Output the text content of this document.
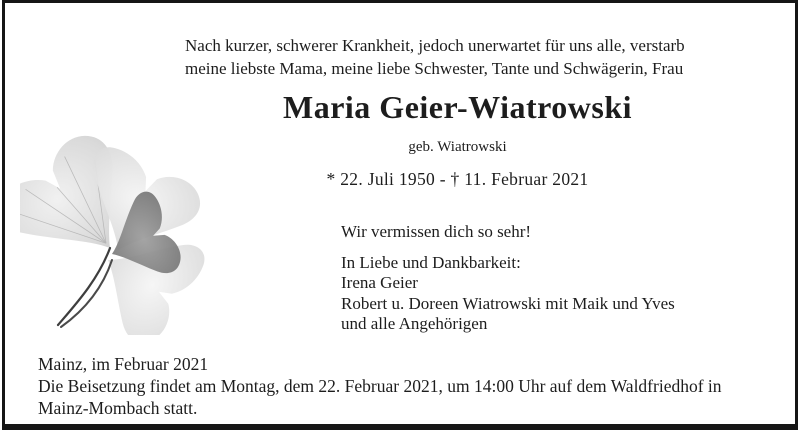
Nach kurzer, schwerer Krankheit, jedoch unerwartet für uns alle, verstarb
meine liebste Mama, meine liebe Schwester, Tante und Schwägerin, Frau
Maria Geier-Wiatrowski
geb. Wiatrowski
* 22. Juli 1950 - † 11. Februar 2021
Wir vermissen dich so sehr!
In Liebe und Dankbarkeit:
Irena Geier
Robert u. Doreen Wiatrowski mit Maik und Yves
und alle Angehörigen
Mainz, im Februar 2021
Die Beisetzung findet am Montag, dem 22. Februar 2021, um 14:00 Uhr auf dem Waldfriedhof in Mainz-Mombach statt.
